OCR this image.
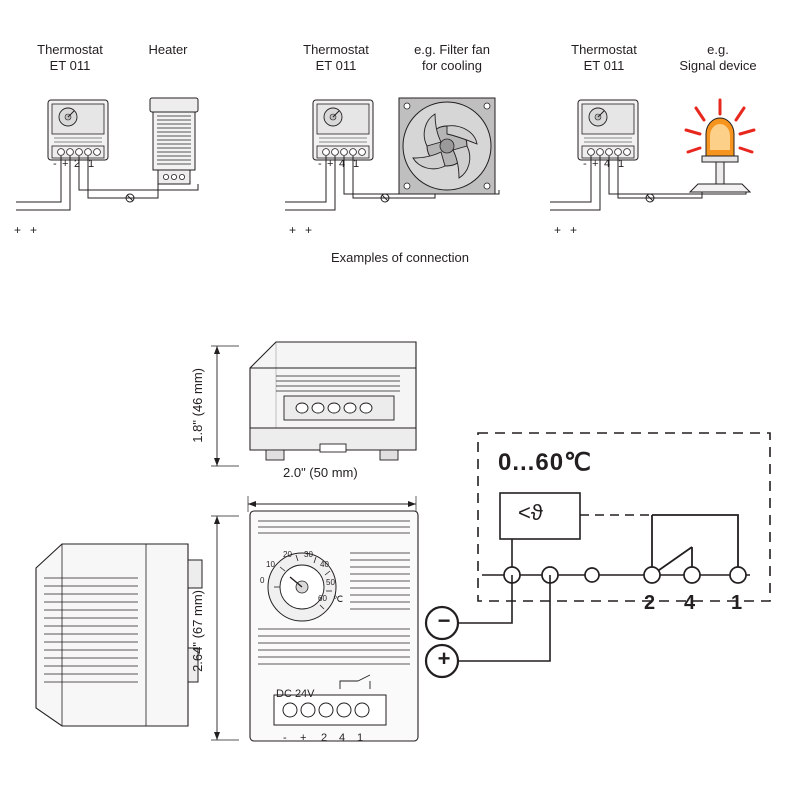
Thermostat
ET 011
Heater
- + 2 1
+ +
Thermostat
ET 011
e.g. Filter fan
for cooling
- + 4 1
+ +
Thermostat
ET 011
e.g.
Signal device
- + 4 1
+ +
Examples of connection
1.8" (46 mm)
2.0" (50 mm)
℃
0
10
20 30
40
50
60
DC 24V
- + 2 4 1
2.64" (67 mm)
0...60℃
<ϑ
2 4 1
−
+
